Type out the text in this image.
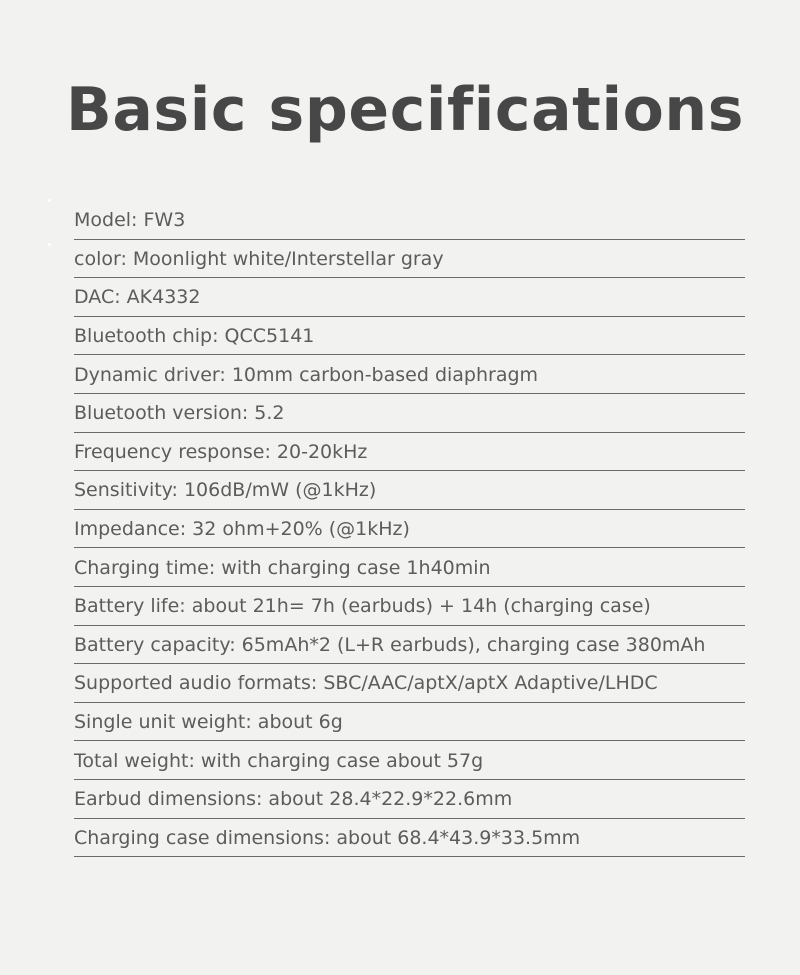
Basic specifications
Model: FW3
color: Moonlight white/Interstellar gray
DAC: AK4332
Bluetooth chip: QCC5141
Dynamic driver: 10mm carbon-based diaphragm
Bluetooth version: 5.2
Frequency response: 20-20kHz
Sensitivity: 106dB/mW (@1kHz)
Impedance: 32 ohm+20% (@1kHz)
Charging time: with charging case 1h40min
Battery life: about 21h= 7h (earbuds) + 14h (charging case)
Battery capacity: 65mAh*2 (L+R earbuds), charging case 380mAh
Supported audio formats: SBC/AAC/aptX/aptX Adaptive/LHDC
Single unit weight: about 6g
Total weight: with charging case about 57g
Earbud dimensions: about 28.4*22.9*22.6mm
Charging case dimensions: about 68.4*43.9*33.5mm
